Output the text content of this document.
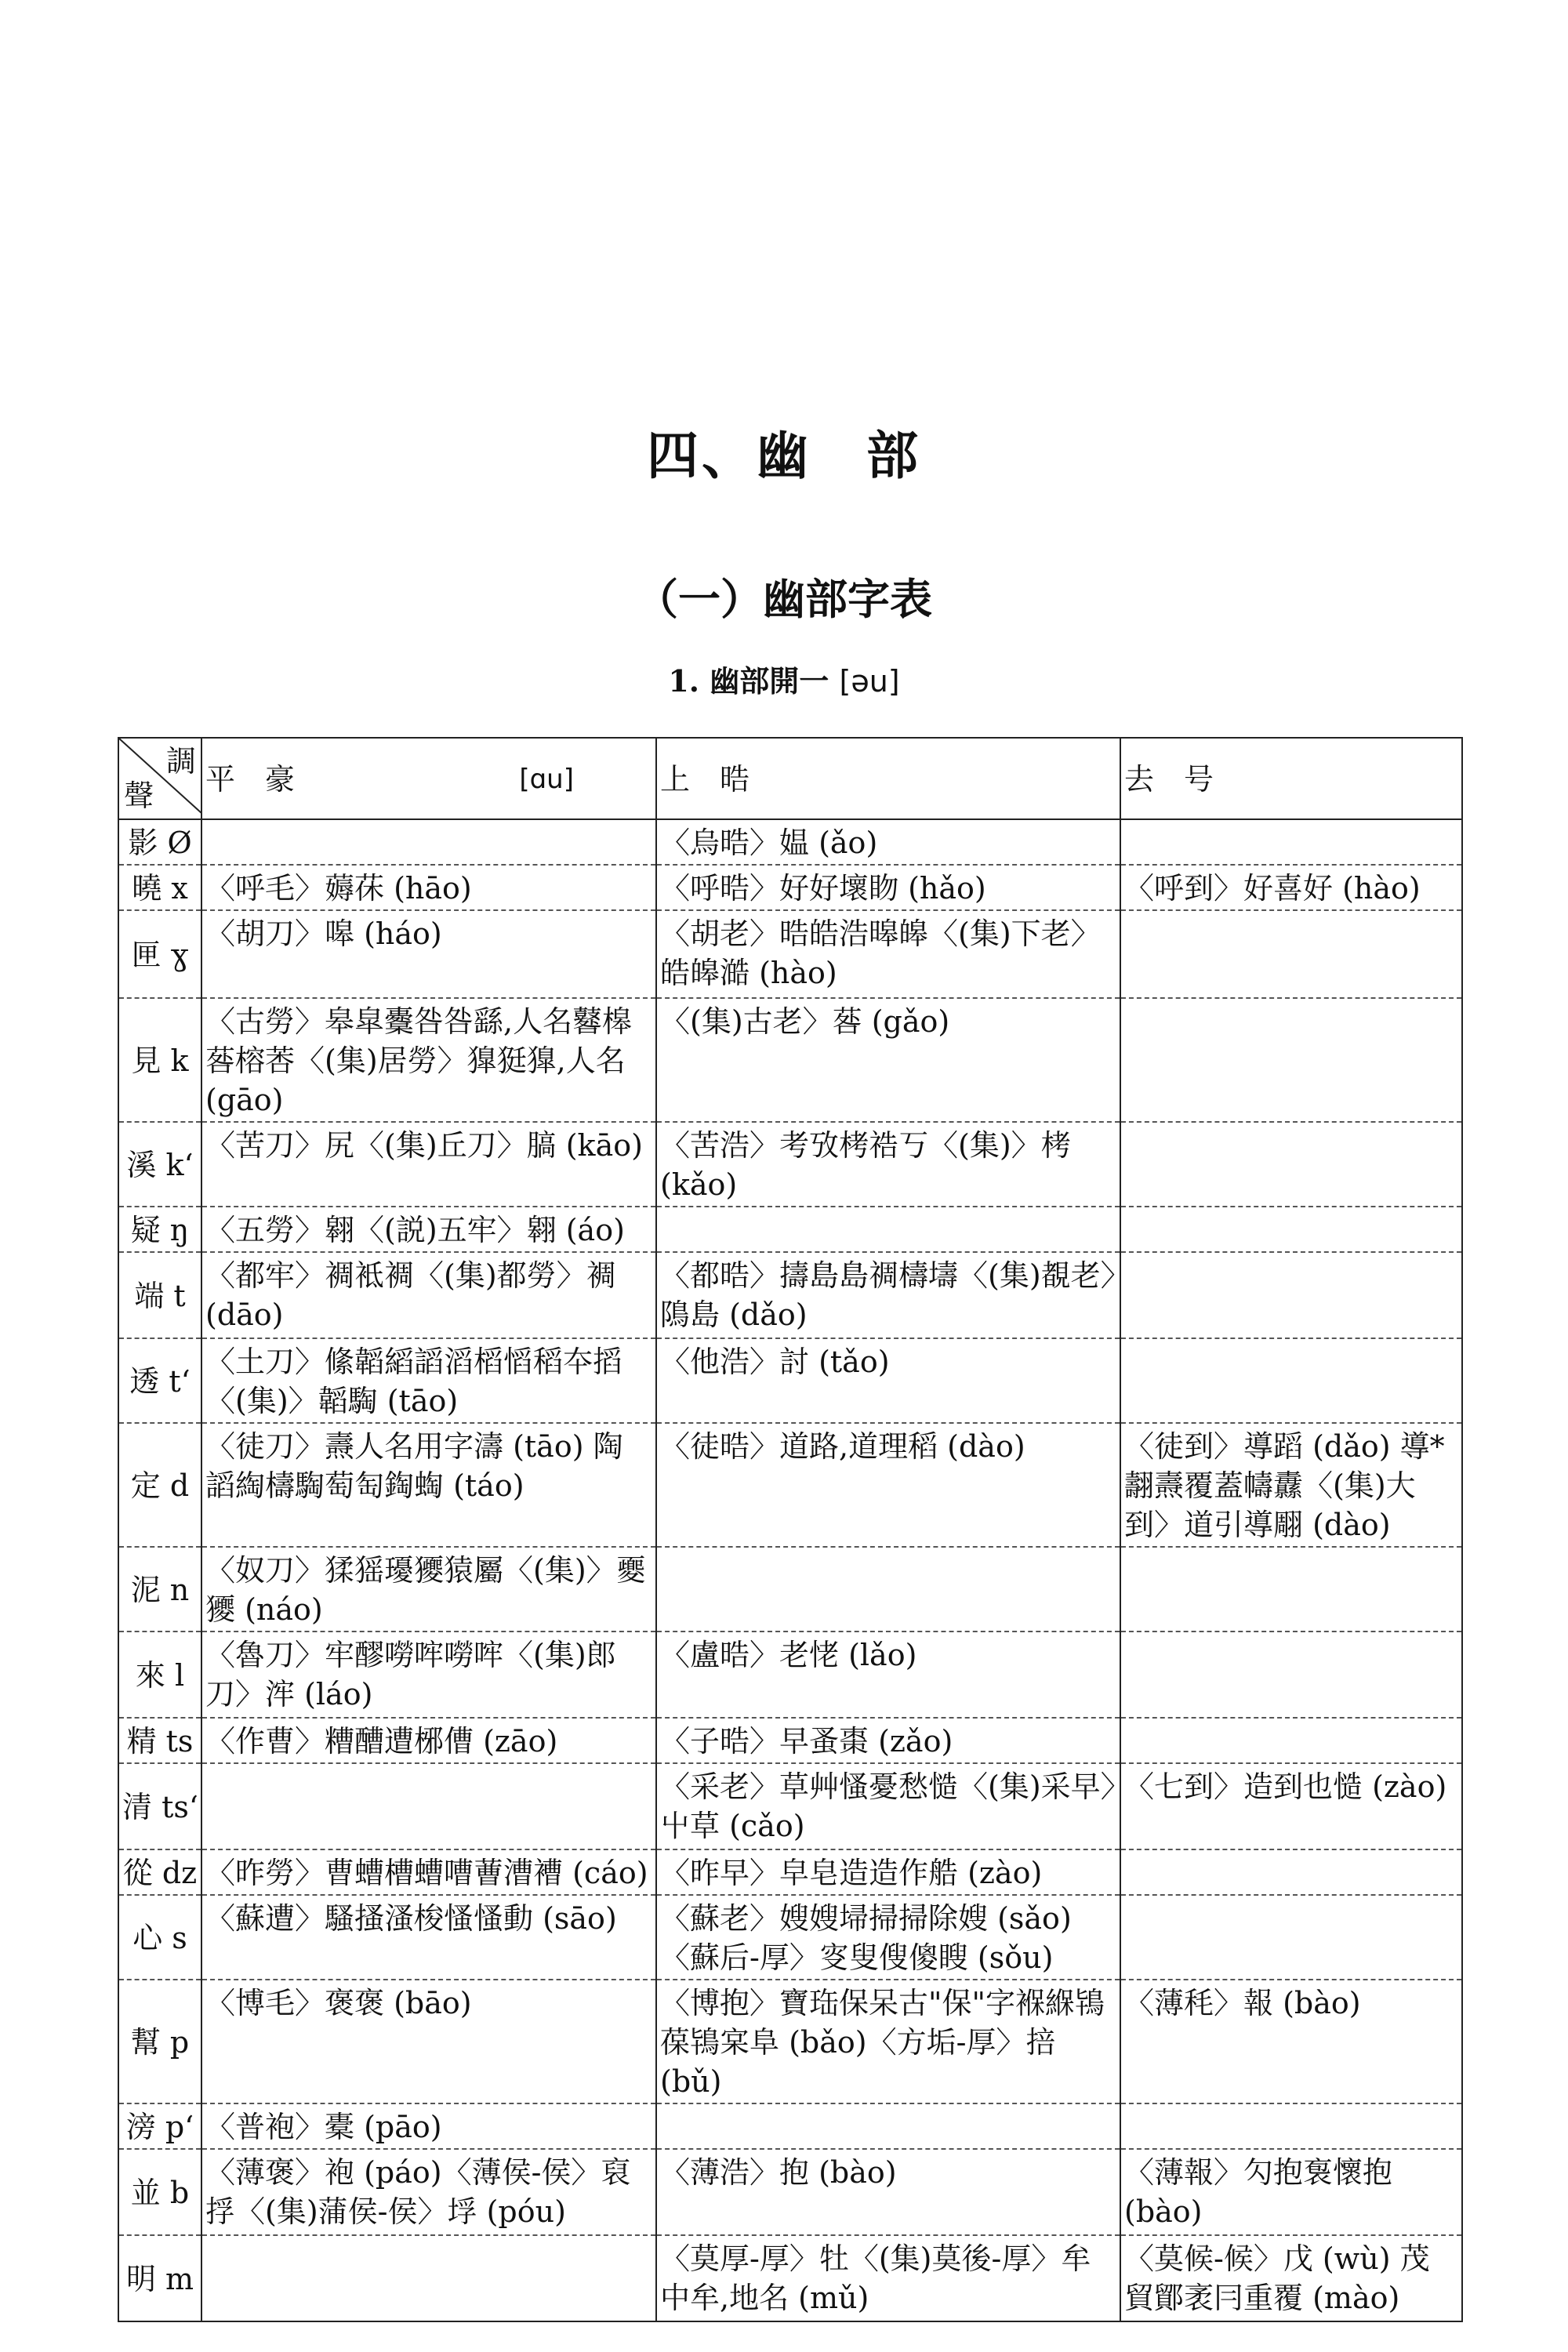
四、幽　部
（一）幽部字表
1. 幽部開一 [əu]
調
聲	平　豪 [ɑu]	上　晧	去　号
影 Ø		〈烏晧〉媪 (ǎo)	
曉 x	〈呼毛〉薅茠 (hāo)	〈呼晧〉好好壞䀛 (hǎo)	〈呼到〉好喜好 (hào)
匣 ɣ	〈胡刀〉嗥 (háo)	〈胡老〉晧皓浩暤皞〈(集)下老〉皓皞澔 (hào)	
見 k	〈古勞〉皋皐櫜咎咎繇,人名鼛槔䓘榕莕〈(集)居勞〉獋㹶獋,人名 (gāo)	〈(集)古老〉䓘 (gǎo)	
溪 kʻ	〈苦刀〉尻〈(集)丘刀〉䐧 (kāo)	〈苦浩〉考攷栲祰丂〈(集)〉栲 (kǎo)	
疑 ŋ	〈五勞〉翱〈(説)五牢〉翱 (áo)		
端 t	〈都牢〉裯袛裯〈(集)都勞〉裯 (dāo)	〈都晧〉擣島島禂檮壔〈(集)覩老〉隝島 (dǎo)	
透 tʻ	〈土刀〉絛韜縚謟滔槄慆稻夲搯〈(集)〉韜騊 (tāo)	〈他浩〉討 (tǎo)	
定 d	〈徒刀〉燾人名用字濤 (tāo) 陶謟綯檮騊萄匋鋾蜪 (táo)	〈徒晧〉道路,道理稻 (dào)	〈徒到〉導蹈 (dǎo) 導* 翿燾覆蓋幬纛〈(集)大到〉道引導翢 (dào)
泥 n	〈奴刀〉猱猺瓇獿猿屬〈(集)〉夒獿 (náo)		
來 l	〈魯刀〉牢醪嘮哰嘮哰〈(集)郎刀〉浶 (láo)	〈盧晧〉老恅 (lǎo)	
精 ts	〈作曹〉糟醩遭㭨傮 (zāo)	〈子晧〉早蚤棗 (zǎo)	
清 tsʻ		〈采老〉草艸慅憂愁慥〈(集)采早〉屮草 (cǎo)	〈七到〉造到也慥 (zào)
從 dz	〈昨勞〉曹螬槽螬嘈蓸漕褿 (cáo)	〈昨早〉皁皂造造作艁 (zào)	
心 s	〈蘇遭〉騷搔溞梭慅慅動 (sāo)	〈蘇老〉嫂嫂埽掃掃除嫂 (sǎo)〈蘇后-厚〉叜叟傁傻瞍 (sǒu)	
幫 p	〈博毛〉褒褒 (bāo)	〈博抱〉寶珤保呆古"保"字褓緥鴇葆鴇宲阜 (bǎo)〈方垢-厚〉掊 (bǔ)	〈薄秏〉報 (bào)
滂 pʻ	〈普袍〉橐 (pāo)		
並 b	〈薄褒〉袍 (páo)〈薄侯-侯〉裒捊〈(集)蒲侯-侯〉垺 (póu)	〈薄浩〉抱 (bào)	〈薄報〉勽抱袌懷抱 (bào)
明 m		〈莫厚-厚〉牡〈(集)莫後-厚〉牟中牟,地名 (mǔ)	〈莫候-候〉戊 (wù) 茂貿鄮袤冃重覆 (mào)
